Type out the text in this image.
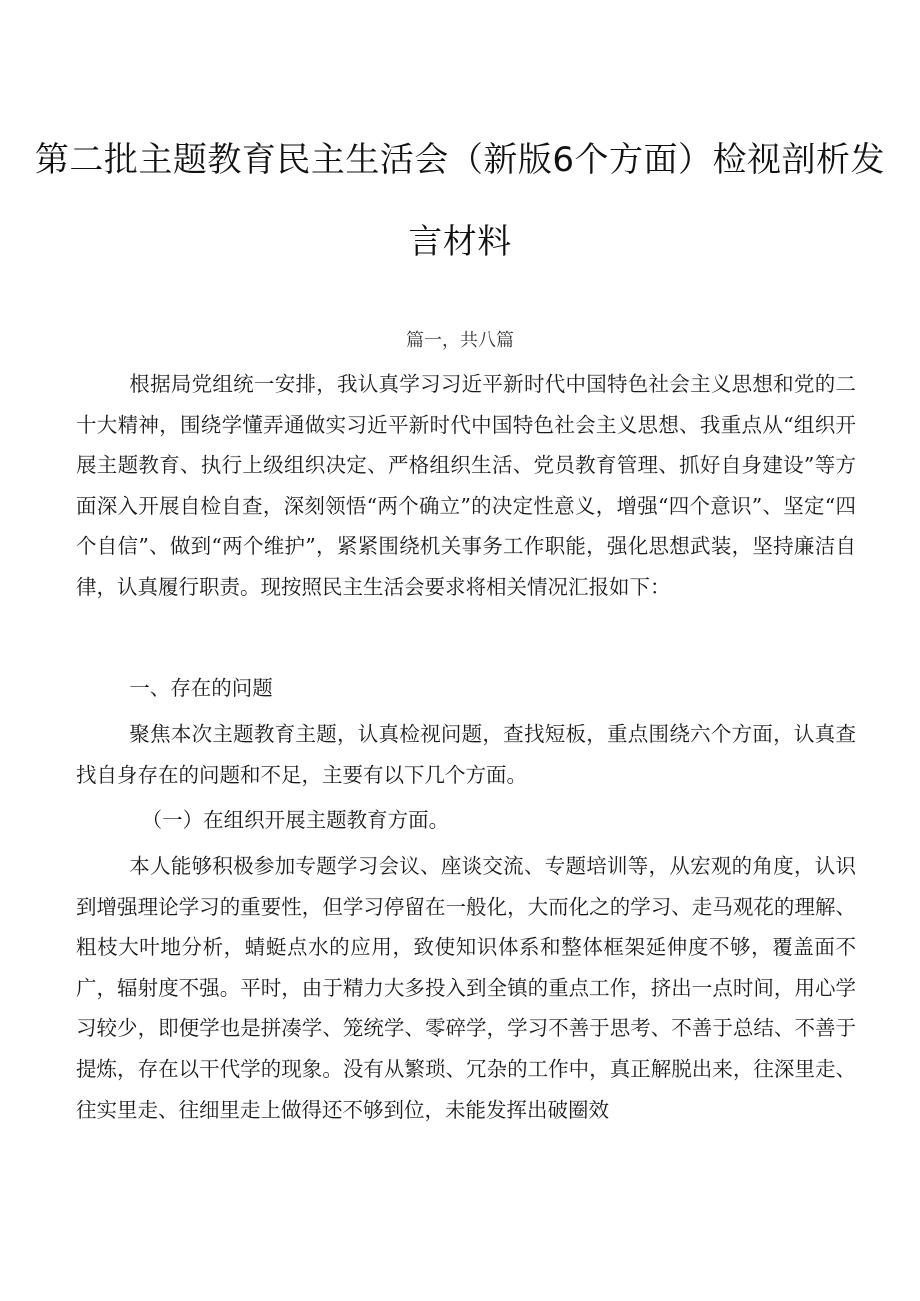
第二批主题教育民主生活会（新版6个方面）检视剖析发
言材料
篇一，共八篇

根据局党组统一安排，我认真学习习近平新时代中国特色社会主义思想和党的二十大精神，围绕学懂弄通做实习近平新时代中国特色社会主义思想、我重点从“组织开展主题教育、执行上级组织决定、严格组织生活、党员教育管理、抓好自身建设”等方面深入开展自检自查，深刻领悟“两个确立”的决定性意义，增强“四个意识”、坚定“四个自信”、做到“两个维护”，紧紧围绕机关事务工作职能，强化思想武装，坚持廉洁自律，认真履行职责。现按照民主生活会要求将相关情况汇报如下：

一、存在的问题

聚焦本次主题教育主题，认真检视问题，查找短板，重点围绕六个方面，认真查找自身存在的问题和不足，主要有以下几个方面。

（一）在组织开展主题教育方面。

本人能够积极参加专题学习会议、座谈交流、专题培训等，从宏观的角度，认识到增强理论学习的重要性，但学习停留在一般化，大而化之的学习、走马观花的理解、粗枝大叶地分析，蜻蜓点水的应用，致使知识体系和整体框架延伸度不够，覆盖面不广，辐射度不强。平时，由于精力大多投入到全镇的重点工作，挤出一点时间，用心学习较少，即便学也是拼凑学、笼统学、零碎学，学习不善于思考、不善于总结、不善于提炼，存在以干代学的现象。没有从繁琐、冗杂的工作中，真正解脱出来，往深里走、往实里走、往细里走上做得还不够到位，未能发挥出破圈效
